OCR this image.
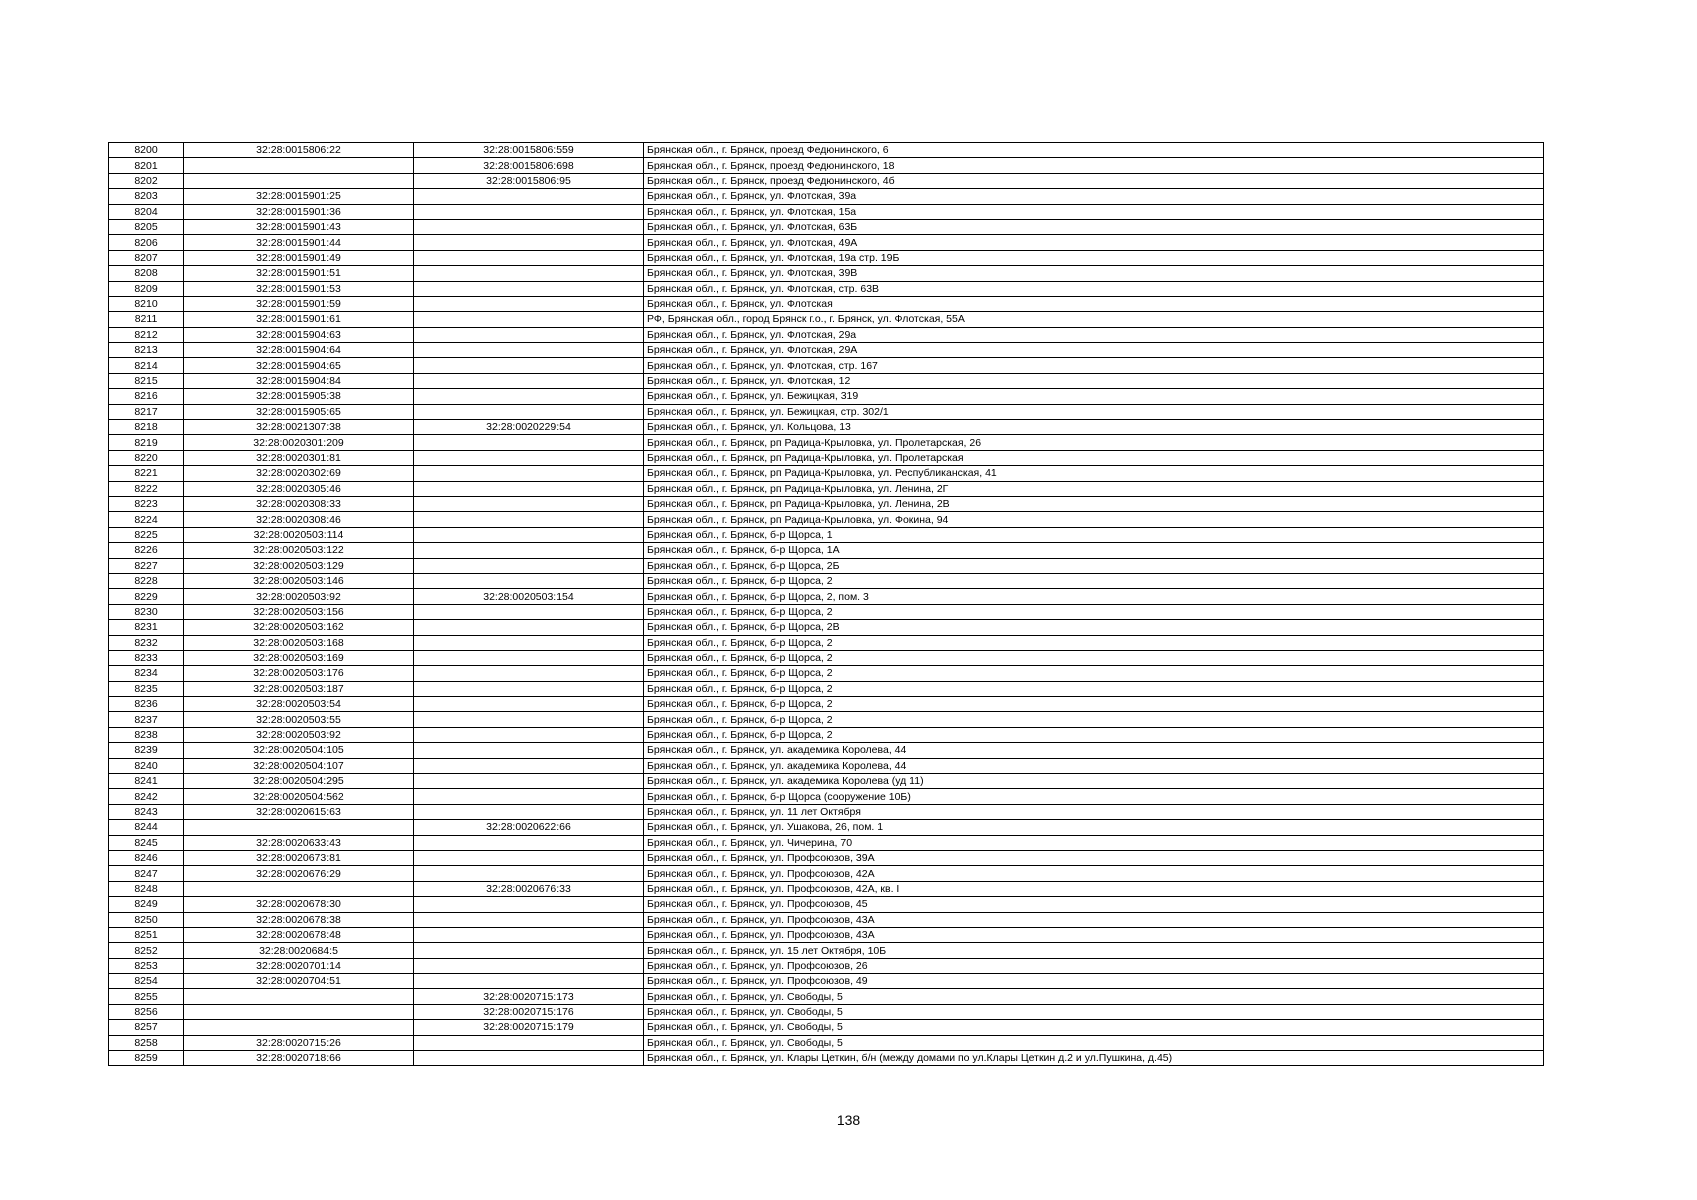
8200	32:28:0015806:22	32:28:0015806:559	Брянская обл., г. Брянск, проезд Федюнинского, 6
8201		32:28:0015806:698	Брянская обл., г. Брянск, проезд Федюнинского, 18
8202		32:28:0015806:95	Брянская обл., г. Брянск, проезд Федюнинского, 4б
8203	32:28:0015901:25		Брянская обл., г. Брянск, ул. Флотская, 39а
8204	32:28:0015901:36		Брянская обл., г. Брянск, ул. Флотская, 15а
8205	32:28:0015901:43		Брянская обл., г. Брянск, ул. Флотская, 63Б
8206	32:28:0015901:44		Брянская обл., г. Брянск, ул. Флотская, 49А
8207	32:28:0015901:49		Брянская обл., г. Брянск, ул. Флотская, 19а стр. 19Б
8208	32:28:0015901:51		Брянская обл., г. Брянск, ул. Флотская, 39В
8209	32:28:0015901:53		Брянская обл., г. Брянск, ул. Флотская, стр. 63В
8210	32:28:0015901:59		Брянская обл., г. Брянск, ул. Флотская
8211	32:28:0015901:61		РФ, Брянская обл., город Брянск г.о., г. Брянск, ул. Флотская, 55А
8212	32:28:0015904:63		Брянская обл., г. Брянск, ул. Флотская, 29а
8213	32:28:0015904:64		Брянская обл., г. Брянск, ул. Флотская, 29А
8214	32:28:0015904:65		Брянская обл., г. Брянск, ул. Флотская, стр. 167
8215	32:28:0015904:84		Брянская обл., г. Брянск, ул. Флотская, 12
8216	32:28:0015905:38		Брянская обл., г. Брянск, ул. Бежицкая, 319
8217	32:28:0015905:65		Брянская обл., г. Брянск, ул. Бежицкая, стр. 302/1
8218	32:28:0021307:38	32:28:0020229:54	Брянская обл., г. Брянск, ул. Кольцова, 13
8219	32:28:0020301:209		Брянская обл., г. Брянск, рп Радица-Крыловка, ул. Пролетарская, 26
8220	32:28:0020301:81		Брянская обл., г. Брянск, рп Радица-Крыловка, ул. Пролетарская
8221	32:28:0020302:69		Брянская обл., г. Брянск, рп Радица-Крыловка, ул. Республиканская, 41
8222	32:28:0020305:46		Брянская обл., г. Брянск, рп Радица-Крыловка, ул. Ленина, 2Г
8223	32:28:0020308:33		Брянская обл., г. Брянск, рп Радица-Крыловка, ул. Ленина, 2В
8224	32:28:0020308:46		Брянская обл., г. Брянск, рп Радица-Крыловка, ул. Фокина, 94
8225	32:28:0020503:114		Брянская обл., г. Брянск, б-р Щорса, 1
8226	32:28:0020503:122		Брянская обл., г. Брянск, б-р Щорса, 1А
8227	32:28:0020503:129		Брянская обл., г. Брянск, б-р Щорса, 2Б
8228	32:28:0020503:146		Брянская обл., г. Брянск, б-р Щорса, 2
8229	32:28:0020503:92	32:28:0020503:154	Брянская обл., г. Брянск, б-р Щорса, 2, пом. 3
8230	32:28:0020503:156		Брянская обл., г. Брянск, б-р Щорса, 2
8231	32:28:0020503:162		Брянская обл., г. Брянск, б-р Щорса, 2В
8232	32:28:0020503:168		Брянская обл., г. Брянск, б-р Щорса, 2
8233	32:28:0020503:169		Брянская обл., г. Брянск, б-р Щорса, 2
8234	32:28:0020503:176		Брянская обл., г. Брянск, б-р Щорса, 2
8235	32:28:0020503:187		Брянская обл., г. Брянск, б-р Щорса, 2
8236	32:28:0020503:54		Брянская обл., г. Брянск, б-р Щорса, 2
8237	32:28:0020503:55		Брянская обл., г. Брянск, б-р Щорса, 2
8238	32:28:0020503:92		Брянская обл., г. Брянск, б-р Щорса, 2
8239	32:28:0020504:105		Брянская обл., г. Брянск, ул. академика Королева, 44
8240	32:28:0020504:107		Брянская обл., г. Брянск, ул. академика Королева, 44
8241	32:28:0020504:295		Брянская обл., г. Брянск, ул. академика Королева (уд 11)
8242	32:28:0020504:562		Брянская обл., г. Брянск, б-р Щорса (сооружение 10Б)
8243	32:28:0020615:63		Брянская обл., г. Брянск, ул. 11 лет Октября
8244		32:28:0020622:66	Брянская обл., г. Брянск, ул. Ушакова, 26, пом. 1
8245	32:28:0020633:43		Брянская обл., г. Брянск, ул. Чичерина, 70
8246	32:28:0020673:81		Брянская обл., г. Брянск, ул. Профсоюзов, 39А
8247	32:28:0020676:29		Брянская обл., г. Брянск, ул. Профсоюзов, 42А
8248		32:28:0020676:33	Брянская обл., г. Брянск, ул. Профсоюзов, 42А, кв. I
8249	32:28:0020678:30		Брянская обл., г. Брянск, ул. Профсоюзов, 45
8250	32:28:0020678:38		Брянская обл., г. Брянск, ул. Профсоюзов, 43А
8251	32:28:0020678:48		Брянская обл., г. Брянск, ул. Профсоюзов, 43А
8252	32:28:0020684:5		Брянская обл., г. Брянск, ул. 15 лет Октября, 10Б
8253	32:28:0020701:14		Брянская обл., г. Брянск, ул. Профсоюзов, 26
8254	32:28:0020704:51		Брянская обл., г. Брянск, ул. Профсоюзов, 49
8255		32:28:0020715:173	Брянская обл., г. Брянск, ул. Свободы, 5
8256		32:28:0020715:176	Брянская обл., г. Брянск, ул. Свободы, 5
8257		32:28:0020715:179	Брянская обл., г. Брянск, ул. Свободы, 5
8258	32:28:0020715:26		Брянская обл., г. Брянск, ул. Свободы, 5
8259	32:28:0020718:66		Брянская обл., г. Брянск, ул. Клары Цеткин, б/н (между домами по ул.Клары Цеткин д.2 и ул.Пушкина, д.45)
138
